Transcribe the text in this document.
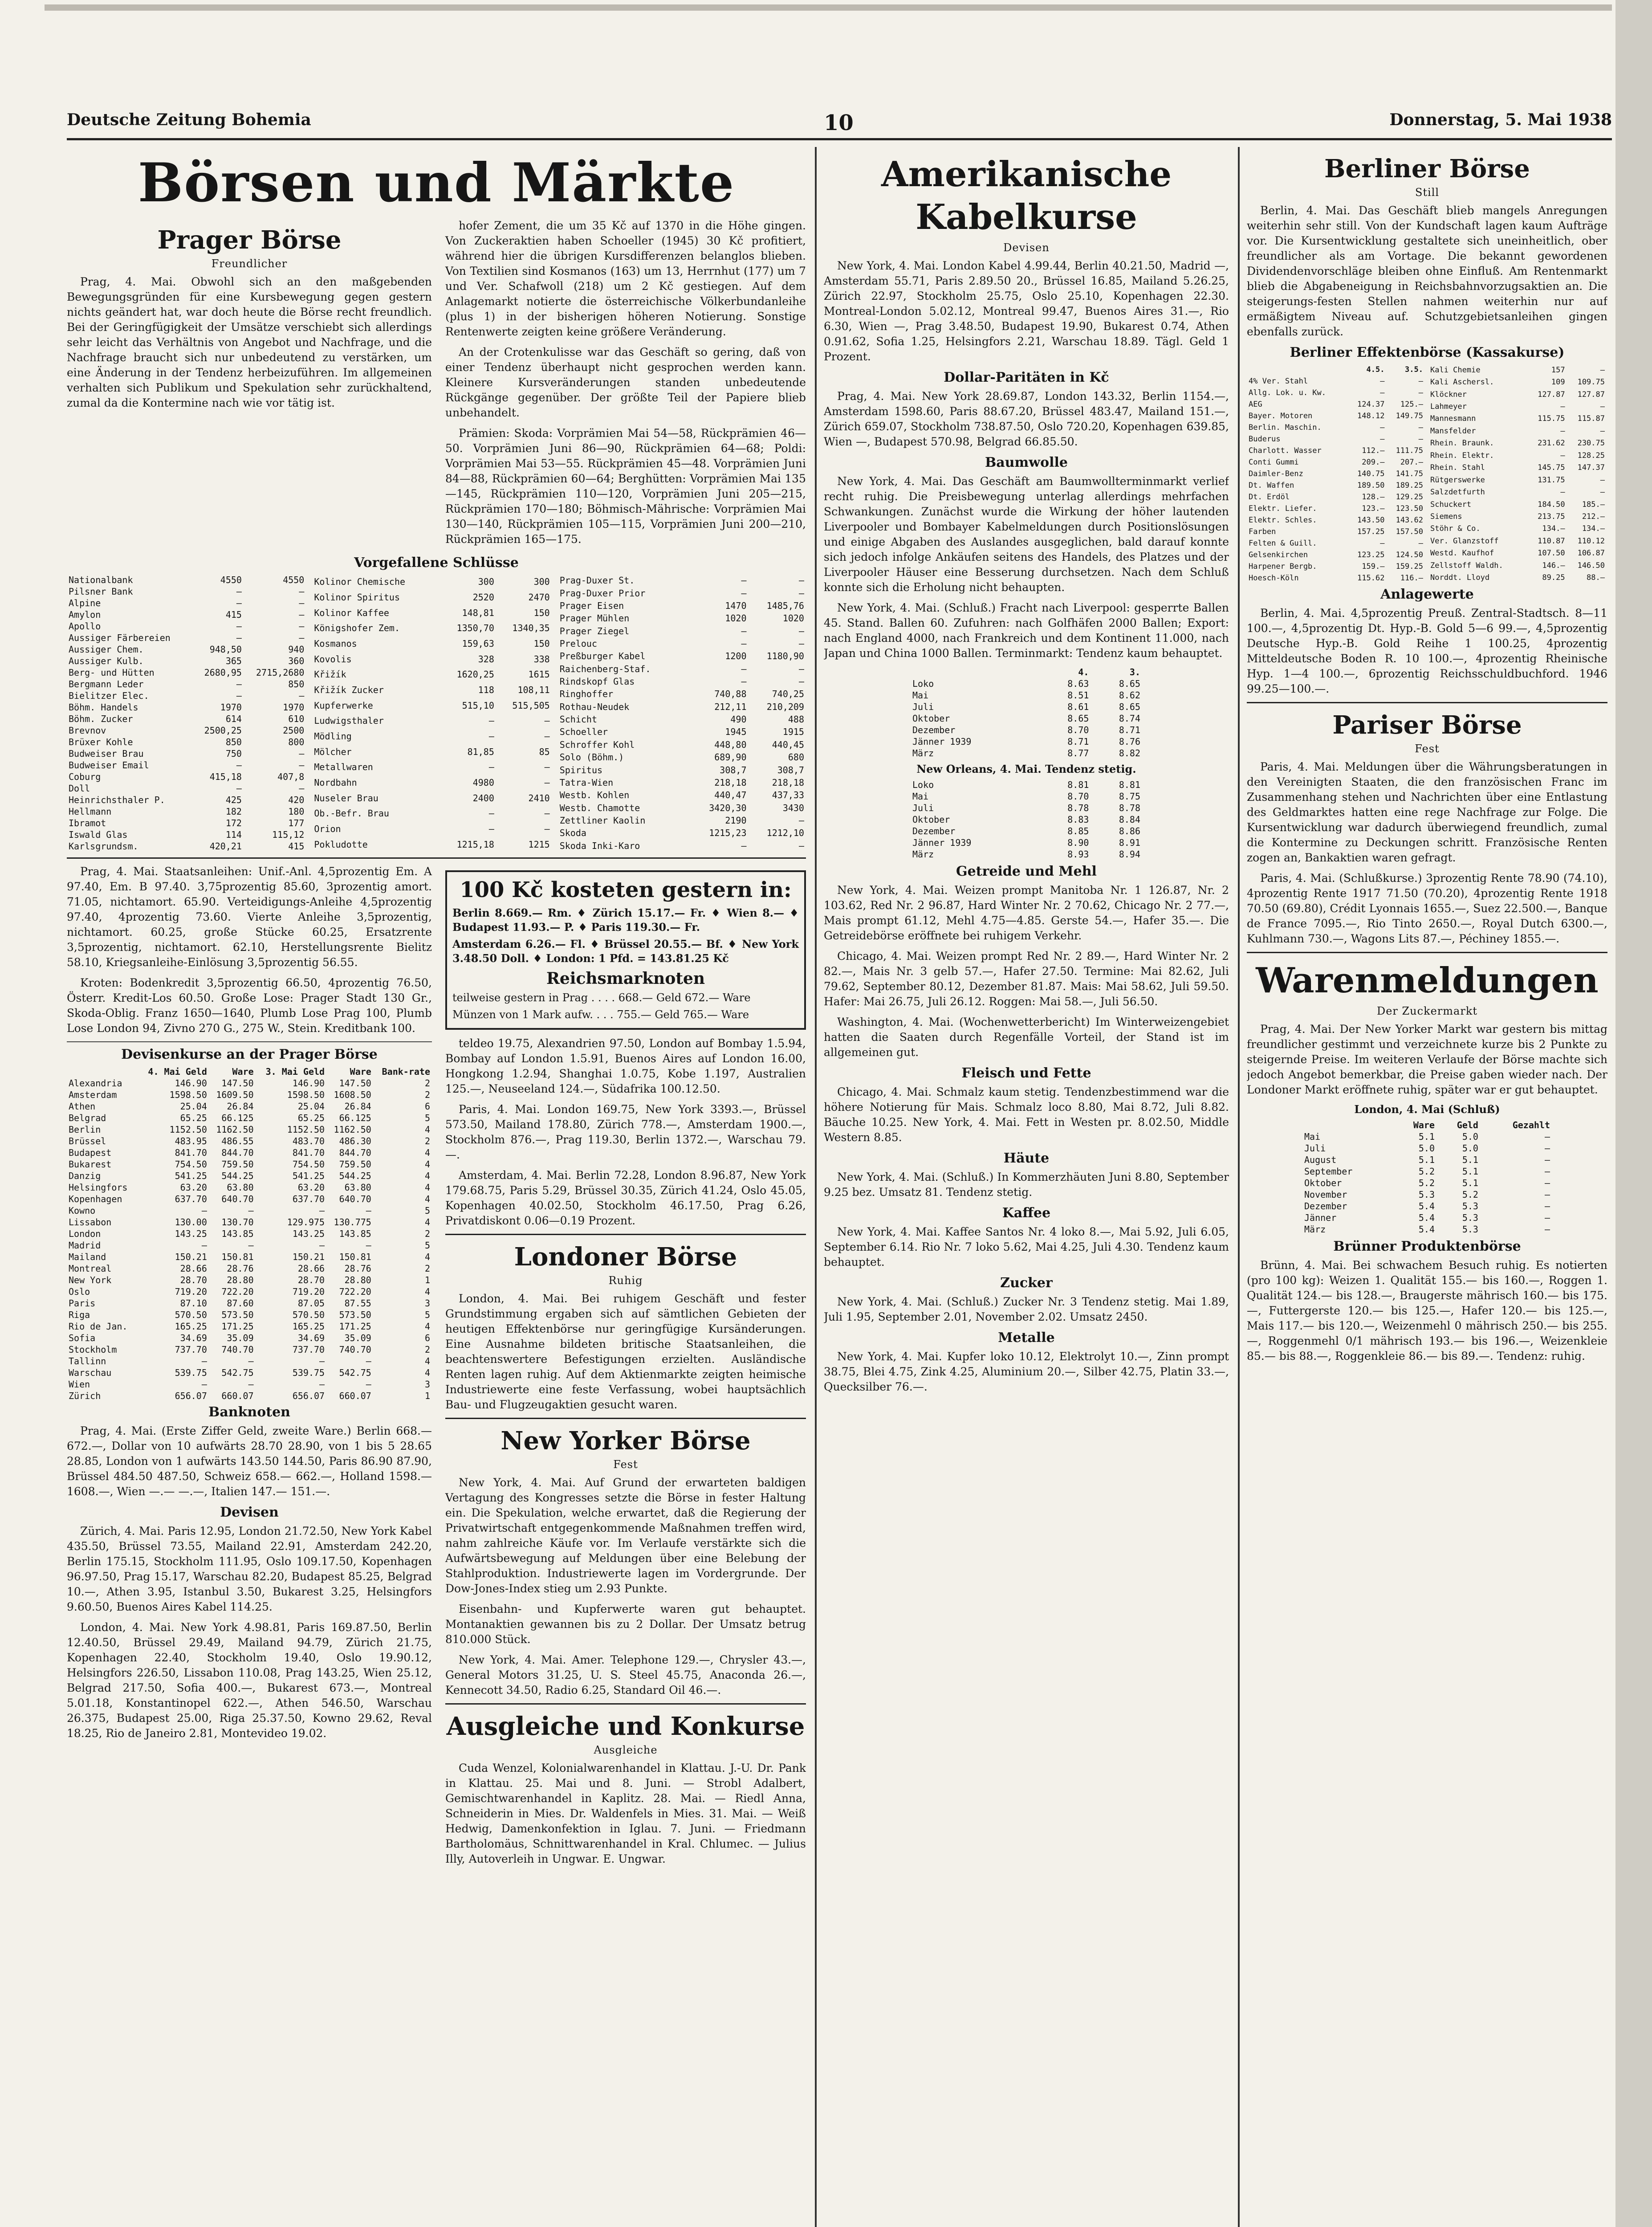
Deutsche Zeitung Bohemia	10	Donnerstag, 5. Mai 1938
Börsen und Märkte
Prager Börse
Freundlicher

Prag, 4. Mai. Obwohl sich an den maßgebenden Bewegungsgründen für eine Kursbewegung gegen gestern nichts geändert hat, war doch heute die Börse recht freundlich. Bei der Geringfügigkeit der Umsätze verschiebt sich allerdings sehr leicht das Verhältnis von Angebot und Nachfrage, und die Nachfrage braucht sich nur unbedeutend zu verstärken, um eine Änderung in der Tendenz herbeizuführen. Im allgemeinen verhalten sich Publikum und Spekulation sehr zurückhaltend, zumal da die Kontermine nach wie vor tätig ist.

hofer Zement, die um 35 Kč auf 1370 in die Höhe gingen. Von Zuckeraktien haben Schoeller (1945) 30 Kč profitiert, während hier die übrigen Kursdifferenzen belanglos blieben. Von Textilien sind Kosmanos (163) um 13, Herrnhut (177) um 7 und Ver. Schafwoll (218) um 2 Kč gestiegen. Auf dem Anlagemarkt notierte die österreichische Völkerbundanleihe (plus 1) in der bisherigen höheren Notierung. Sonstige Rentenwerte zeigten keine größere Veränderung.

An der Crotenkulisse war das Geschäft so gering, daß von einer Tendenz überhaupt nicht gesprochen werden kann. Kleinere Kursveränderungen standen unbedeutende Rückgänge gegenüber. Der größte Teil der Papiere blieb unbehandelt.

Prämien: Skoda: Vorprämien Mai 54—58, Rückprämien 46—50. Vorprämien Juni 86—90, Rückprämien 64—68; Poldi: Vorprämien Mai 53—55. Rückprämien 45—48. Vorprämien Juni 84—88, Rückprämien 60—64; Berghütten: Vorprämien Mai 135—145, Rückprämien 110—120, Vorprämien Juni 205—215, Rückprämien 170—180; Böhmisch-Mährische: Vorprämien Mai 130—140, Rückprämien 105—115, Vorprämien Juni 200—210, Rückprämien 165—175.

Vorgefallene Schlüsse
Nationalbank	4550	4550
Pilsner Bank	—	—
Alpine	—	—
Amylon	415	—
Apollo	—	—
Aussiger Färbereien	—	—
Aussiger Chem.	948,50	940
Aussiger Kulb.	365	360
Berg- und Hütten	2680,95	2715,2680
Bergmann Leder	—	850
Bielitzer Elec.	—	—
Böhm. Handels	1970	1970
Böhm. Zucker	614	610
Brevnov	2500,25	2500
Brüxer Kohle	850	800
Budweiser Brau	750	—
Budweiser Email	—	—
Coburg	415,18	407,8
Doll	—	—
Heinrichsthaler P.	425	420
Hellmann	182	180
Ibramot	172	177
Iswald Glas	114	115,12
Karlsgrundsm.	420,21	415
Kolinor Chemische	300	300
Kolinor Spiritus	2520	2470
Kolinor Kaffee	148,81	150
Königshofer Zem.	1350,70	1340,35
Kosmanos	159,63	150
Kovolis	328	338
Křižík	1620,25	1615
Křižík Zucker	118	108,11
Kupferwerke	515,10	515,505
Ludwigsthaler	—	—
Mödling	—	—
Mölcher	81,85	85
Metallwaren	—	—
Nordbahn	4980	—
Nuseler Brau	2400	2410
Ob.-Befr. Brau	—	—
Orion	—	—
Pokludotte	1215,18	1215
Prag-Duxer St.	—	—
Prag-Duxer Prior	—	—
Prager Eisen	1470	1485,76
Prager Mühlen	1020	1020
Prager Ziegel	—	—
Prelouc	—	—
Preßburger Kabel	1200	1180,90
Raichenberg-Staf.	—	—
Rindskopf Glas	—	—
Ringhoffer	740,88	740,25
Rothau-Neudek	212,11	210,209
Schicht	490	488
Schoeller	1945	1915
Schroffer Kohl	448,80	440,45
Solo (Böhm.)	689,90	680
Spiritus	308,7	308,7
Tatra-Wien	218,18	218,18
Westb. Kohlen	440,47	437,33
Westb. Chamotte	3420,30	3430
Zettliner Kaolin	2190	—
Skoda	1215,23	1212,10
Skoda Inki-Karo	—	—

Prag, 4. Mai. Staatsanleihen: Unif.-Anl. 4,5prozentig Em. A 97.40, Em. B 97.40. 3,75prozentig 85.60, 3prozentig amort. 71.05, nichtamort. 65.90. Verteidigungs-Anleihe 4,5prozentig 97.40, 4prozentig 73.60. Vierte Anleihe 3,5prozentig, nichtamort. 60.25, große Stücke 60.25, Ersatzrente 3,5prozentig, nichtamort. 62.10, Herstellungsrente Bielitz 58.10, Kriegsanleihe-Einlösung 3,5prozentig 56.55.

Kroten: Bodenkredit 3,5prozentig 66.50, 4prozentig 76.50, Österr. Kredit-Los 60.50. Große Lose: Prager Stadt 130 Gr., Skoda-Oblig. Franz 1650—1640, Plumb Lose Prag 100, Plumb Lose London 94, Zivno 270 G., 275 W., Stein. Kreditbank 100.

Devisenkurse an der Prager Börse
	4. Mai Geld	Ware	3. Mai Geld	Ware	Bank-rate
Alexandria	146.90	147.50	146.90	147.50	2
Amsterdam	1598.50	1609.50	1598.50	1608.50	2
Athen	25.04	26.84	25.04	26.84	6
Belgrad	65.25	66.125	65.25	66.125	5
Berlin	1152.50	1162.50	1152.50	1162.50	4
Brüssel	483.95	486.55	483.70	486.30	2
Budapest	841.70	844.70	841.70	844.70	4
Bukarest	754.50	759.50	754.50	759.50	4
Danzig	541.25	544.25	541.25	544.25	4
Helsingfors	63.20	63.80	63.20	63.80	4
Kopenhagen	637.70	640.70	637.70	640.70	4
Kowno	—	—	—	—	5
Lissabon	130.00	130.70	129.975	130.775	4
London	143.25	143.85	143.25	143.85	2
Madrid	—	—	—	—	5
Mailand	150.21	150.81	150.21	150.81	4
Montreal	28.66	28.76	28.66	28.76	2
New York	28.70	28.80	28.70	28.80	1
Oslo	719.20	722.20	719.20	722.20	4
Paris	87.10	87.60	87.05	87.55	3
Riga	570.50	573.50	570.50	573.50	5
Rio de Jan.	165.25	171.25	165.25	171.25	4
Sofia	34.69	35.09	34.69	35.09	6
Stockholm	737.70	740.70	737.70	740.70	2
Tallinn	—	—	—	—	4
Warschau	539.75	542.75	539.75	542.75	4
Wien	—	—	—	—	3
Zürich	656.07	660.07	656.07	660.07	1
Banknoten

Prag, 4. Mai. (Erste Ziffer Geld, zweite Ware.) Berlin 668.— 672.—, Dollar von 10 aufwärts 28.70 28.90, von 1 bis 5 28.65 28.85, London von 1 aufwärts 143.50 144.50, Paris 86.90 87.90, Brüssel 484.50 487.50, Schweiz 658.— 662.—, Holland 1598.— 1608.—, Wien —.— —.—, Italien 147.— 151.—.

Devisen

Zürich, 4. Mai. Paris 12.95, London 21.72.50, New York Kabel 435.50, Brüssel 73.55, Mailand 22.91, Amsterdam 242.20, Berlin 175.15, Stockholm 111.95, Oslo 109.17.50, Kopenhagen 96.97.50, Prag 15.17, Warschau 82.20, Budapest 85.25, Belgrad 10.—, Athen 3.95, Istanbul 3.50, Bukarest 3.25, Helsingfors 9.60.50, Buenos Aires Kabel 114.25.

London, 4. Mai. New York 4.98.81, Paris 169.87.50, Berlin 12.40.50, Brüssel 29.49, Mailand 94.79, Zürich 21.75, Kopenhagen 22.40, Stockholm 19.40, Oslo 19.90.12, Helsingfors 226.50, Lissabon 110.08, Prag 143.25, Wien 25.12, Belgrad 217.50, Sofia 400.—, Bukarest 673.—, Montreal 5.01.18, Konstantinopel 622.—, Athen 546.50, Warschau 26.375, Budapest 25.00, Riga 25.37.50, Kowno 29.62, Reval 18.25, Rio de Janeiro 2.81, Montevideo 19.02.

100 Kč kosteten gestern in:

Berlin 8.669.— Rm. ♦ Zürich 15.17.— Fr. ♦ Wien 8.— ♦ Budapest 11.93.— P. ♦ Paris 119.30.— Fr.

Amsterdam 6.26.— Fl. ♦ Brüssel 20.55.— Bf. ♦ New York 3.48.50 Doll. ♦ London: 1 Pfd. = 143.81.25 Kč

Reichsmarknoten

teilweise gestern in Prag . . . . 668.— Geld 672.— Ware

Münzen von 1 Mark aufw. . . . 755.— Geld 765.— Ware

teldeo 19.75, Alexandrien 97.50, London auf Bombay 1.5.94, Bombay auf London 1.5.91, Buenos Aires auf London 16.00, Hongkong 1.2.94, Shanghai 1.0.75, Kobe 1.197, Australien 125.—, Neuseeland 124.—, Südafrika 100.12.50.

Paris, 4. Mai. London 169.75, New York 3393.—, Brüssel 573.50, Mailand 178.80, Zürich 778.—, Amsterdam 1900.—, Stockholm 876.—, Prag 119.30, Berlin 1372.—, Warschau 79.—.

Amsterdam, 4. Mai. Berlin 72.28, London 8.96.87, New York 179.68.75, Paris 5.29, Brüssel 30.35, Zürich 41.24, Oslo 45.05, Kopenhagen 40.02.50, Stockholm 46.17.50, Prag 6.26, Privatdiskont 0.06—0.19 Prozent.

Londoner Börse
Ruhig

London, 4. Mai. Bei ruhigem Geschäft und fester Grundstimmung ergaben sich auf sämtlichen Gebieten der heutigen Effektenbörse nur geringfügige Kursänderungen. Eine Ausnahme bildeten britische Staatsanleihen, die beachtenswertere Befestigungen erzielten. Ausländische Renten lagen ruhig. Auf dem Aktienmarkte zeigten heimische Industriewerte eine feste Verfassung, wobei hauptsächlich Bau- und Flugzeugaktien gesucht waren.

New Yorker Börse
Fest

New York, 4. Mai. Auf Grund der erwarteten baldigen Vertagung des Kongresses setzte die Börse in fester Haltung ein. Die Spekulation, welche erwartet, daß die Regierung der Privatwirtschaft entgegenkommende Maßnahmen treffen wird, nahm zahlreiche Käufe vor. Im Verlaufe verstärkte sich die Aufwärtsbewegung auf Meldungen über eine Belebung der Stahlproduktion. Industriewerte lagen im Vordergrunde. Der Dow-Jones-Index stieg um 2.93 Punkte.

Eisenbahn- und Kupferwerte waren gut behauptet. Montanaktien gewannen bis zu 2 Dollar. Der Umsatz betrug 810.000 Stück.

New York, 4. Mai. Amer. Telephone 129.—, Chrysler 43.—, General Motors 31.25, U. S. Steel 45.75, Anaconda 26.—, Kennecott 34.50, Radio 6.25, Standard Oil 46.—.

Ausgleiche und Konkurse
Ausgleiche

Cuda Wenzel, Kolonialwarenhandel in Klattau. J.-U. Dr. Pank in Klattau. 25. Mai und 8. Juni. — Strobl Adalbert, Gemischtwarenhandel in Kaplitz. 28. Mai. — Riedl Anna, Schneiderin in Mies. Dr. Waldenfels in Mies. 31. Mai. — Weiß Hedwig, Damenkonfektion in Iglau. 7. Juni. — Friedmann Bartholomäus, Schnittwarenhandel in Kral. Chlumec. — Julius Illy, Autoverleih in Ungwar. E. Ungwar.

Amerikanische Kabelkurse
Devisen

New York, 4. Mai. London Kabel 4.99.44, Berlin 40.21.50, Madrid —, Amsterdam 55.71, Paris 2.89.50 20., Brüssel 16.85, Mailand 5.26.25, Zürich 22.97, Stockholm 25.75, Oslo 25.10, Kopenhagen 22.30. Montreal-London 5.02.12, Montreal 99.47, Buenos Aires 31.—, Rio 6.30, Wien —, Prag 3.48.50, Budapest 19.90, Bukarest 0.74, Athen 0.91.62, Sofia 1.25, Helsingfors 2.21, Warschau 18.89. Tägl. Geld 1 Prozent.

Dollar-Paritäten in Kč

Prag, 4. Mai. New York 28.69.87, London 143.32, Berlin 1154.—, Amsterdam 1598.60, Paris 88.67.20, Brüssel 483.47, Mailand 151.—, Zürich 659.07, Stockholm 738.87.50, Oslo 720.20, Kopenhagen 639.85, Wien —, Budapest 570.98, Belgrad 66.85.50.

Baumwolle

New York, 4. Mai. Das Geschäft am Baumwollterminmarkt verlief recht ruhig. Die Preisbewegung unterlag allerdings mehrfachen Schwankungen. Zunächst wurde die Wirkung der höher lautenden Liverpooler und Bombayer Kabelmeldungen durch Positionslösungen und einige Abgaben des Auslandes ausgeglichen, bald darauf konnte sich jedoch infolge Ankäufen seitens des Handels, des Platzes und der Liverpooler Häuser eine Besserung durchsetzen. Nach dem Schluß konnte sich die Erholung nicht behaupten.

New York, 4. Mai. (Schluß.) Fracht nach Liverpool: gesperrte Ballen 45. Stand. Ballen 60. Zufuhren: nach Golfhäfen 2000 Ballen; Export: nach England 4000, nach Frankreich und dem Kontinent 11.000, nach Japan und China 1000 Ballen. Terminmarkt: Tendenz kaum behauptet.

	4.	3.
Loko	8.63	8.65
Mai	8.51	8.62
Juli	8.61	8.65
Oktober	8.65	8.74
Dezember	8.70	8.71
Jänner 1939	8.71	8.76
März	8.77	8.82
New Orleans, 4. Mai. Tendenz stetig.
Loko	8.81	8.81
Mai	8.70	8.75
Juli	8.78	8.78
Oktober	8.83	8.84
Dezember	8.85	8.86
Jänner 1939	8.90	8.91
März	8.93	8.94
Getreide und Mehl

New York, 4. Mai. Weizen prompt Manitoba Nr. 1 126.87, Nr. 2 103.62, Red Nr. 2 96.87, Hard Winter Nr. 2 70.62, Chicago Nr. 2 77.—, Mais prompt 61.12, Mehl 4.75—4.85. Gerste 54.—, Hafer 35.—. Die Getreidebörse eröffnete bei ruhigem Verkehr.

Chicago, 4. Mai. Weizen prompt Red Nr. 2 89.—, Hard Winter Nr. 2 82.—, Mais Nr. 3 gelb 57.—, Hafer 27.50. Termine: Mai 82.62, Juli 79.62, September 80.12, Dezember 81.87. Mais: Mai 58.62, Juli 59.50. Hafer: Mai 26.75, Juli 26.12. Roggen: Mai 58.—, Juli 56.50.

Washington, 4. Mai. (Wochenwetterbericht) Im Winterweizengebiet hatten die Saaten durch Regenfälle Vorteil, der Stand ist im allgemeinen gut.

Fleisch und Fette

Chicago, 4. Mai. Schmalz kaum stetig. Tendenzbestimmend war die höhere Notierung für Mais. Schmalz loco 8.80, Mai 8.72, Juli 8.82. Bäuche 10.25. New York, 4. Mai. Fett in Westen pr. 8.02.50, Middle Western 8.85.

Häute

New York, 4. Mai. (Schluß.) In Kommerzhäuten Juni 8.80, September 9.25 bez. Umsatz 81. Tendenz stetig.

Kaffee

New York, 4. Mai. Kaffee Santos Nr. 4 loko 8.—, Mai 5.92, Juli 6.05, September 6.14. Rio Nr. 7 loko 5.62, Mai 4.25, Juli 4.30. Tendenz kaum behauptet.

Zucker

New York, 4. Mai. (Schluß.) Zucker Nr. 3 Tendenz stetig. Mai 1.89, Juli 1.95, September 2.01, November 2.02. Umsatz 2450.

Metalle

New York, 4. Mai. Kupfer loko 10.12, Elektrolyt 10.—, Zinn prompt 38.75, Blei 4.75, Zink 4.25, Aluminium 20.—, Silber 42.75, Platin 33.—, Quecksilber 76.—.

Berliner Börse
Still

Berlin, 4. Mai. Das Geschäft blieb mangels Anregungen weiterhin sehr still. Von der Kundschaft lagen kaum Aufträge vor. Die Kursentwicklung gestaltete sich uneinheitlich, ober freundlicher als am Vortage. Die bekannt gewordenen Dividendenvorschläge bleiben ohne Einfluß. Am Rentenmarkt blieb die Abgabeneigung in Reichsbahnvorzugsaktien an. Die steigerungs-festen Stellen nahmen weiterhin nur auf ermäßigtem Niveau auf. Schutzgebietsanleihen gingen ebenfalls zurück.

Berliner Effektenbörse (Kassakurse)
	4.5.	3.5.
4% Ver. Stahl	—	—
Allg. Lok. u. Kw.	—	—
AEG	124.37	125.—
Bayer. Motoren	148.12	149.75
Berlin. Maschin.	—	—
Buderus	—	—
Charlott. Wasser	112.—	111.75
Conti Gummi	209.—	207.—
Daimler-Benz	140.75	141.75
Dt. Waffen	189.50	189.25
Dt. Erdöl	128.—	129.25
Elektr. Liefer.	123.—	123.50
Elektr. Schles.	143.50	143.62
Farben	157.25	157.50
Felten & Guill.	—	—
Gelsenkirchen	123.25	124.50
Harpener Bergb.	159.—	159.25
Hoesch-Köln	115.62	116.—
Kali Chemie	157	—
Kali Aschersl.	109	109.75
Klöckner	127.87	127.87
Lahmeyer	—	—
Mannesmann	115.75	115.87
Mansfelder	—	—
Rhein. Braunk.	231.62	230.75
Rhein. Elektr.	—	128.25
Rhein. Stahl	145.75	147.37
Rütgerswerke	131.75	—
Salzdetfurth	—	—
Schuckert	184.50	185.—
Siemens	213.75	212.—
Stöhr & Co.	134.—	134.—
Ver. Glanzstoff	110.87	110.12
Westd. Kaufhof	107.50	106.87
Zellstoff Waldh.	146.—	146.50
Norddt. Lloyd	89.25	88.—
Anlagewerte

Berlin, 4. Mai. 4,5prozentig Preuß. Zentral-Stadtsch. 8—11 100.—, 4,5prozentig Dt. Hyp.-B. Gold 5—6 99.—, 4,5prozentig Deutsche Hyp.-B. Gold Reihe 1 100.25, 4prozentig Mitteldeutsche Boden R. 10 100.—, 4prozentig Rheinische Hyp. 1—4 100.—, 6prozentig Reichsschuldbuchford. 1946 99.25—100.—.

Pariser Börse
Fest

Paris, 4. Mai. Meldungen über die Währungsberatungen in den Vereinigten Staaten, die den französischen Franc im Zusammenhang stehen und Nachrichten über eine Entlastung des Geldmarktes hatten eine rege Nachfrage zur Folge. Die Kursentwicklung war dadurch überwiegend freundlich, zumal die Kontermine zu Deckungen schritt. Französische Renten zogen an, Bankaktien waren gefragt.

Paris, 4. Mai. (Schlußkurse.) 3prozentig Rente 78.90 (74.10), 4prozentig Rente 1917 71.50 (70.20), 4prozentig Rente 1918 70.50 (69.80), Crédit Lyonnais 1655.—, Suez 22.500.—, Banque de France 7095.—, Rio Tinto 2650.—, Royal Dutch 6300.—, Kuhlmann 730.—, Wagons Lits 87.—, Péchiney 1855.—.

Warenmeldungen
Der Zuckermarkt

Prag, 4. Mai. Der New Yorker Markt war gestern bis mittag freundlicher gestimmt und verzeichnete kurze bis 2 Punkte zu steigernde Preise. Im weiteren Verlaufe der Börse machte sich jedoch Angebot bemerkbar, die Preise gaben wieder nach. Der Londoner Markt eröffnete ruhig, später war er gut behauptet.

London, 4. Mai (Schluß)
	Ware	Geld	Gezahlt
Mai	5.1	5.0	—
Juli	5.0	5.0	—
August	5.1	5.1	—
September	5.2	5.1	—
Oktober	5.2	5.1	—
November	5.3	5.2	—
Dezember	5.4	5.3	—
Jänner	5.4	5.3	—
März	5.4	5.3	—
Brünner Produktenbörse

Brünn, 4. Mai. Bei schwachem Besuch ruhig. Es notierten (pro 100 kg): Weizen 1. Qualität 155.— bis 160.—, Roggen 1. Qualität 124.— bis 128.—, Braugerste mährisch 160.— bis 175.—, Futtergerste 120.— bis 125.—, Hafer 120.— bis 125.—, Mais 117.— bis 120.—, Weizenmehl 0 mährisch 250.— bis 255.—, Roggenmehl 0/1 mährisch 193.— bis 196.—, Weizenkleie 85.— bis 88.—, Roggenkleie 86.— bis 89.—. Tendenz: ruhig.
